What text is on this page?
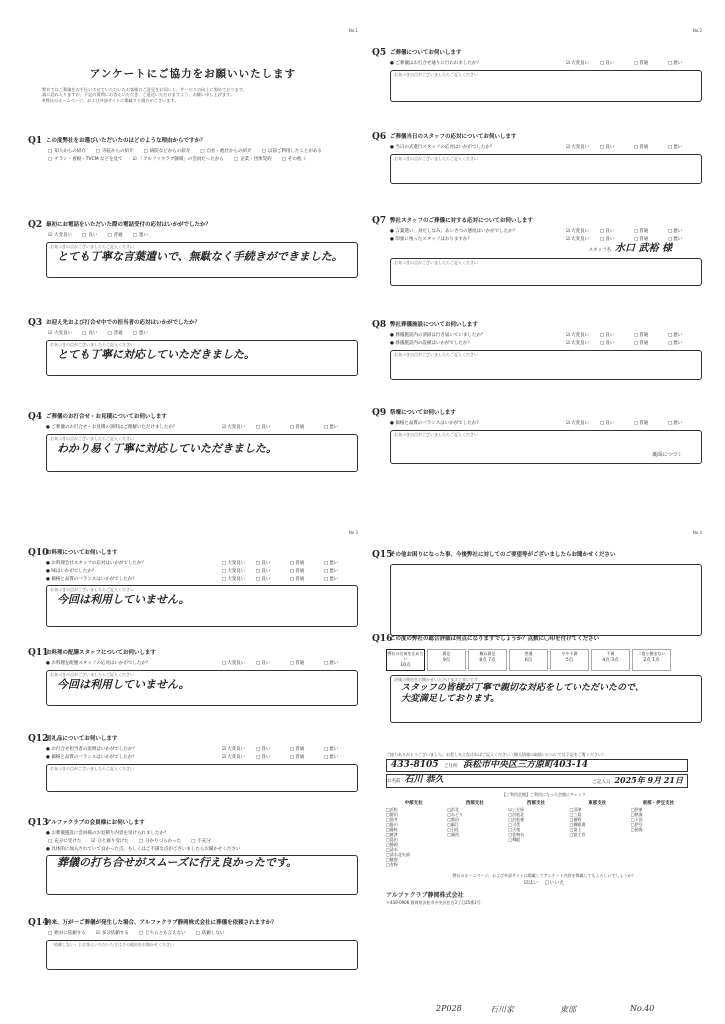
No.1
アンケートにご協力をお願いいたします

弊社ではご葬儀をお手伝いさせていただいたお客様のご意見をお伺いし、サービスの向上に努めております。

誠に恐れ入りますが、下記の質問にお答えいただき、ご返送いただけますよう、お願い申し上げます。

※弊社のホームページ、および外部サイトに掲載する場合がございます。

Q1 この度弊社をお選びいただいたのはどのような理由からですか？
□ 知人からの紹介	□ 寺院からの紹介	□ 病院などからの紹介	□ 自社・他社からの紹介	□ 以前ご利用したことがある
□ チラシ・看板・TVCM などを見て	☑ 「アルファクラブ静岡」の会員だったから	□ 企業・団体契約	□ その他（
Q2 最初にお電話をいただいた際の電話受付の応対はいかがでしたか？
☑ 大変良い	□ 良い	□ 普通	□ 悪い
お気づきの点がございましたらご記入ください
とても丁寧な言葉遣いで、無駄なく手続きができました。
Q3 お迎え先および打合せ中での担当者の応対はいかがでしたか？
☑ 大変良い	□ 良い	□ 普通	□ 悪い
お気づきの点がございましたらご記入ください
とても丁寧に対応していただきました。
Q4 ご葬儀のお打合せ・お見積についてお伺いします
● ご葬儀のお打合せ・お見積の説明はご理解いただけましたか？	☑ 大変良い	□ 良い	□ 普通	□ 悪い
お気づきの点がございましたらご記入ください
わかり易く丁寧に対応していただきました。
No.2
Q5 ご葬儀についてお伺いします
● ご葬儀はお打合せ通りに行われましたか？	☑ 大変良い	□ 良い	□ 普通	□ 悪い
お気づきの点がございましたらご記入ください
Q6 ご葬儀当日のスタッフの応対についてお伺いします
● 当日の式進行スタッフの応対はいかがでしたか？	☑ 大変良い	□ 良い	□ 普通	□ 悪い
お気づきの点がございましたらご記入ください
Q7 弊社スタッフのご葬儀に対する応対についてお伺いします
● 言葉遣い、身だしなみ、あいさつの態度はいかがでしたか？	☑ 大変良い	□ 良い	□ 普通	□ 悪い
● 印象に残ったスタッフはおりますか？	☑ 大変良い	□ 良い	□ 普通	□ 悪い
スタッフ名 水口 武裕 様
お気づきの点がございましたらご記入ください
Q8 弊社葬儀施設についてお伺いします
● 葬儀施設内の清掃は行き届いていましたか？	☑ 大変良い	□ 良い	□ 普通	□ 悪い
● 葬儀施設内の設備はいかがでしたか？	☑ 大変良い	□ 良い	□ 普通	□ 悪い
お気づきの点がございましたらご記入ください
Q9 祭壇についてお伺いします
● 価格と品質のバランスはいかがでしたか？	☑ 大変良い	□ 良い	□ 普通	□ 悪い
お気づきの点がございましたらご記入ください
裏面につづく
No.3
Q10お料理についてお伺いします
● お料理会社スタッフの応対はいかがでしたか？	□ 大変良い	□ 良い	□ 普通	□ 悪い
● 味はいかがでしたか？	□ 大変良い	□ 良い	□ 普通	□ 悪い
● 価格と品質のバランスはいかがでしたか？	□ 大変良い	□ 良い	□ 普通	□ 悪い
お気づきの点がございましたらご記入ください
今回は利用していません。
Q11お料理の配膳スタッフについてお伺いします
● お料理を配膳スタッフの応対はいかがでしたか？	□ 大変良い	□ 良い	□ 普通	□ 悪い
お気づきの点がございましたらご記入ください
今回は利用していません。
Q12返礼品についてお伺いします
● お打合せ担当者の説明はいかがでしたか？	☑ 大変良い	□ 良い	□ 普通	□ 悪い
● 価格と品質のバランスはいかがでしたか？	☑ 大変良い	□ 良い	□ 普通	□ 悪い
お気づきの点がございましたらご記入ください
Q13アルファクラブの会員様にお伺いします
● お葬儀施設に会員様のお見積り内容を受けられましたか？
□ 充分に受けた	☑ ひと通り受けた	□ 分かりづらかった	□ 不充分
● 具体的に加入されていて良かった点、もしくはご不満な点がございましたらお聞かせください
葬儀の打ち合せがスムーズに行え良かったです。
Q14将来、万が一ご葬儀が発生した場合、アルファクラブ静岡株式会社に葬儀を依頼されますか？
□ 絶対に依頼する	☑ 多分依頼する	□ どちらとも言えない	□ 依頼しない
「依頼しない」とお答えいただいた方はその理由をお聞かせください
No.4
Q15その他お困りになった事、今後弊社に対してのご要望等がございましたらお聞かせください
Q16この度の弊社の総合評価は何点になりますでしょうか？点数に〇印を付けてください
弊社の名前を広めたい
10点
満足
9点
概ね満足
8点 7点
普通
6点
やや不満
5点
不満
4点 3点
二度と頼まない
2点 1点
評価の理由をお聞かせいただけますと幸いです
スタッフの皆様が丁寧で親切な対応をしていただいたので、
大変満足しております。
ご協力ありがとうございました。お差し支えなければご記入ください（個人情報の取扱いについては下記をご覧ください）
433-8105 ご住所 浜松市中央区三方原町403-14
お名前 石川 恭久	ご記入日 2025年 9月 21日
【ご利用会館】ご利用になった会館にチェック
中部支社
□ 浜松
□ 磐田
□ 袋井
□ 掛川
□ 藤枝
□ 焼津
□ 島田
□ 静岡
□ 清水
□ 清水北矢部
□ 駿府
□ 有野
西部支社
□ 浜北
□ みどり
□ 都田
□ 細江
□ 引佐
□ 湖西
西部支社
☑ 三方原
□ 浜松北
□ 浜松東
□ 可美
□ 天竜
□ 佐鳴台
□ 舞阪
東部支社
□ 沼津
□ 三島
□ 裾野
□ 御殿場
□ 富士
□ 富士宮
東部・伊豆支社
□ 伊東
□ 熱海
□ 下田
□ 伊豆
□ 函南
弊社のホームページ、および外部サイトに掲載してアンケート内容を掲載してもよろしいでしょうか？
☑はい □いいえ
アルファクラブ静岡株式会社
〒430-0906 静岡県浜松市中央区住吉3丁目25番1号
2P028	石川家	東部	No.40
